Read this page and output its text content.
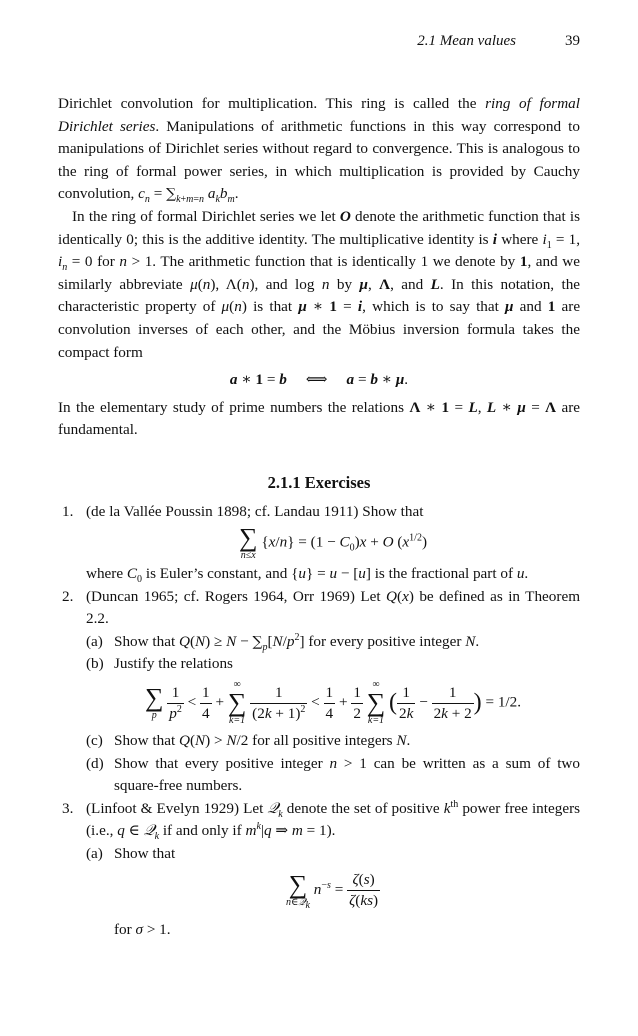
2.1 Mean values	39

Dirichlet convolution for multiplication. This ring is called the ring of formal Dirichlet series. Manipulations of arithmetic functions in this way correspond to manipulations of Dirichlet series without regard to convergence. This is analogous to the ring of formal power series, in which multiplication is provided by Cauchy convolution, $c_n = \sum_{k+m=n}$ $a_kb_m$.

In the ring of formal Dirichlet series we let O denote the arithmetic function that is identically 0; this is the additive identity. The multiplicative identity is i where $i_1 = 1$, $i_n = 0$ for n > 1. The arithmetic function that is identically 1 we denote by 1, and we similarly abbreviate μ(n), Λ(n), and log n by μ, Λ, and L. In this notation, the characteristic property of μ(n) is that μ ∗ 1 = i, which is to say that μ and 1 are convolution inverses of each other, and the Möbius inversion formula takes the compact form

a ∗ 1 = b     ⟺     a = b ∗ μ.

In the elementary study of prime numbers the relations Λ ∗ 1 = L, L ∗ μ = Λ are fundamental.

2.1.1 Exercises
1. (de la Vallée Poussin 1898; cf. Landau 1911) Show that
∑
n≤x
$\{x/n\} = (1 - C_0)x + O$ $(x^{1/2})$
where $C_0$ is Euler’s constant, and {u} = u − [u] is the fractional part of u.
2. (Duncan 1965; cf. Rogers 1964, Orr 1969) Let Q(x) be defined as in Theorem 2.2.
(a) Show that $Q(N) \ge N - \sum_p[N/p^2]$ for every positive integer N.
(b) Justify the relations
∑
p
$\frac{1}{p^2} < \frac{1}{4}$ +
∞
∑
k=1
$\frac{1}{(2k + 1)^2} < \frac{1}{4} + \frac{1}{2}$
∞
∑
k=1
( $\frac{1}{2k} - \frac{1}{2k + 2}$ ) = 1/2.
(c) Show that Q(N) > N/2 for all positive integers N.
(d) Show that every positive integer n > 1 can be written as a sum of two square-free numbers.
3. (Linfoot & Evelyn 1929) Let 𝒬$_k$ denote the set of positive $k^{th}$ power free integers (i.e., q ∈ 𝒬$_k$ if and only if $m^k|q$ ⇒ m = 1).
(a) Show that
∑
n∈𝒬$_k$
$n^{-s} = \frac{\zeta(s)}{\zeta(ks)}$
for σ > 1.
